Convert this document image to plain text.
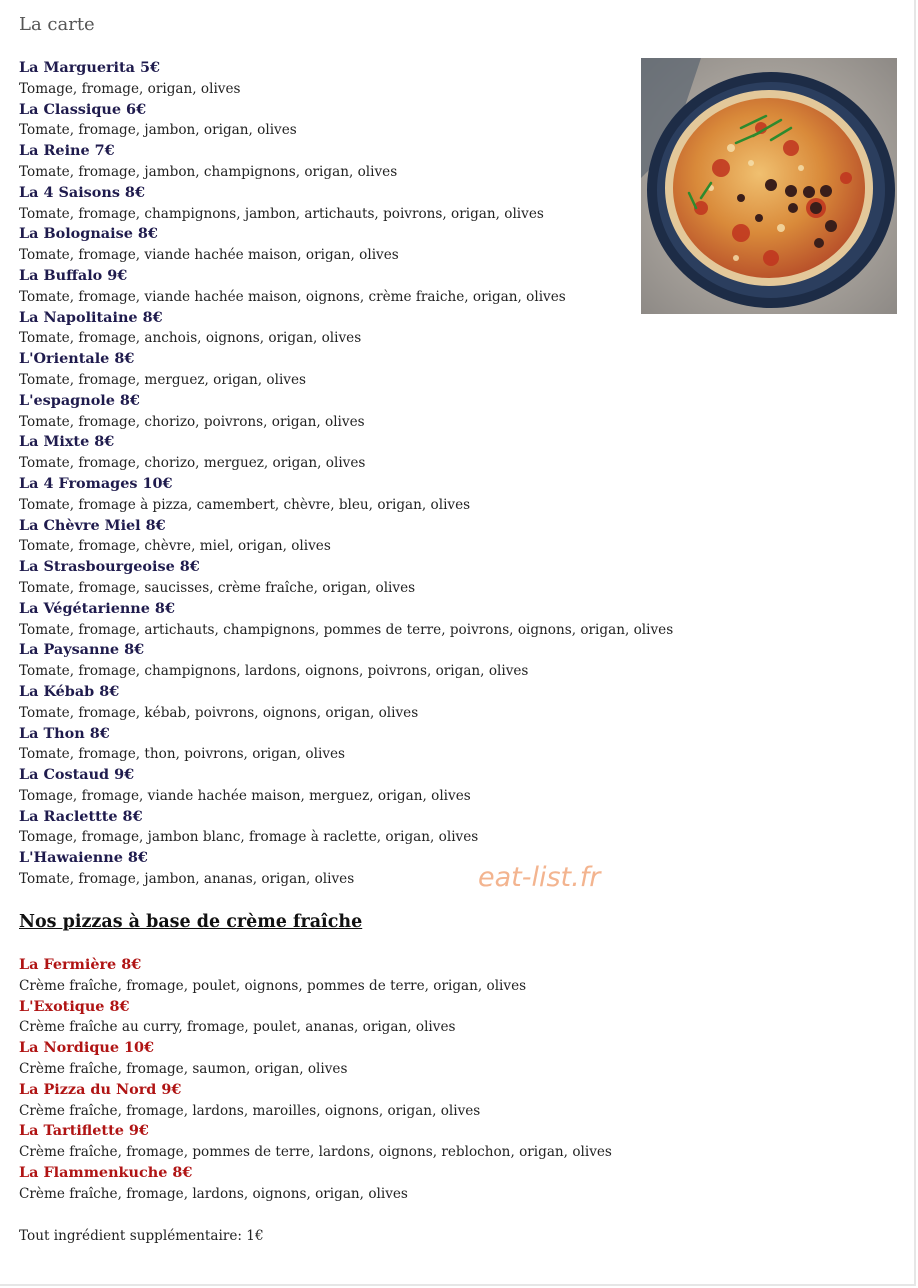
La carte
La Marguerita 5€
Tomage, fromage, origan, olives
La Classique 6€
Tomate, fromage, jambon, origan, olives
La Reine 7€
Tomate, fromage, jambon, champignons, origan, olives
La 4 Saisons 8€
Tomate, fromage, champignons, jambon, artichauts, poivrons, origan, olives
La Bolognaise 8€
Tomate, fromage, viande hachée maison, origan, olives
La Buffalo 9€
Tomate, fromage, viande hachée maison, oignons, crème fraiche, origan, olives
La Napolitaine 8€
Tomate, fromage, anchois, oignons, origan, olives
L'Orientale 8€
Tomate, fromage, merguez, origan, olives
L'espagnole 8€
Tomate, fromage, chorizo, poivrons, origan, olives
La Mixte 8€
Tomate, fromage, chorizo, merguez, origan, olives
La 4 Fromages 10€
Tomate, fromage à pizza, camembert, chèvre, bleu, origan, olives
La Chèvre Miel 8€
Tomate, fromage, chèvre, miel, origan, olives
La Strasbourgeoise 8€
Tomate, fromage, saucisses, crème fraîche, origan, olives
La Végétarienne 8€
Tomate, fromage, artichauts, champignons, pommes de terre, poivrons, oignons, origan, olives
La Paysanne 8€
Tomate, fromage, champignons, lardons, oignons, poivrons, origan, olives
La Kébab 8€
Tomate, fromage, kébab, poivrons, oignons, origan, olives
La Thon 8€
Tomate, fromage, thon, poivrons, origan, olives
La Costaud 9€
Tomage, fromage, viande hachée maison, merguez, origan, olives
La Raclettte 8€
Tomage, fromage, jambon blanc, fromage à raclette, origan, olives
L'Hawaienne 8€
Tomate, fromage, jambon, ananas, origan, olives	eat-list.fr
Nos pizzas à base de crème fraîche
La Fermière 8€
Crème fraîche, fromage, poulet, oignons, pommes de terre, origan, olives
L'Exotique 8€
Crème fraîche au curry, fromage, poulet, ananas, origan, olives
La Nordique 10€
Crème fraîche, fromage, saumon, origan, olives
La Pizza du Nord 9€
Crème fraîche, fromage, lardons, maroilles, oignons, origan, olives
La Tartiflette 9€
Crème fraîche, fromage, pommes de terre, lardons, oignons, reblochon, origan, olives
La Flammenkuche 8€
Crème fraîche, fromage, lardons, oignons, origan, olives
Tout ingrédient supplémentaire: 1€
